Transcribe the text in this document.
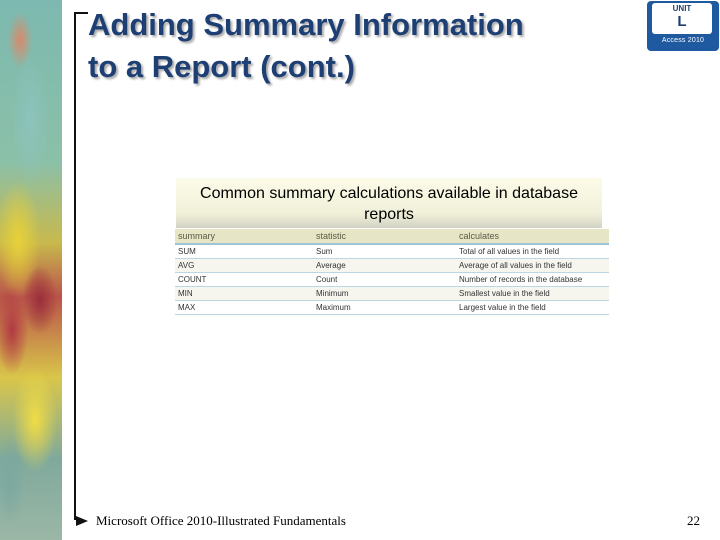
Adding Summary Information
to a Report (cont.)
UNIT
L
Access 2010
Common summary calculations available in database reports
summary	statistic	calculates
SUM	Sum	Total of all values in the field
AVG	Average	Average of all values in the field
COUNT	Count	Number of records in the database
MIN	Minimum	Smallest value in the field
MAX	Maximum	Largest value in the field
Microsoft Office 2010-Illustrated Fundamentals	22
